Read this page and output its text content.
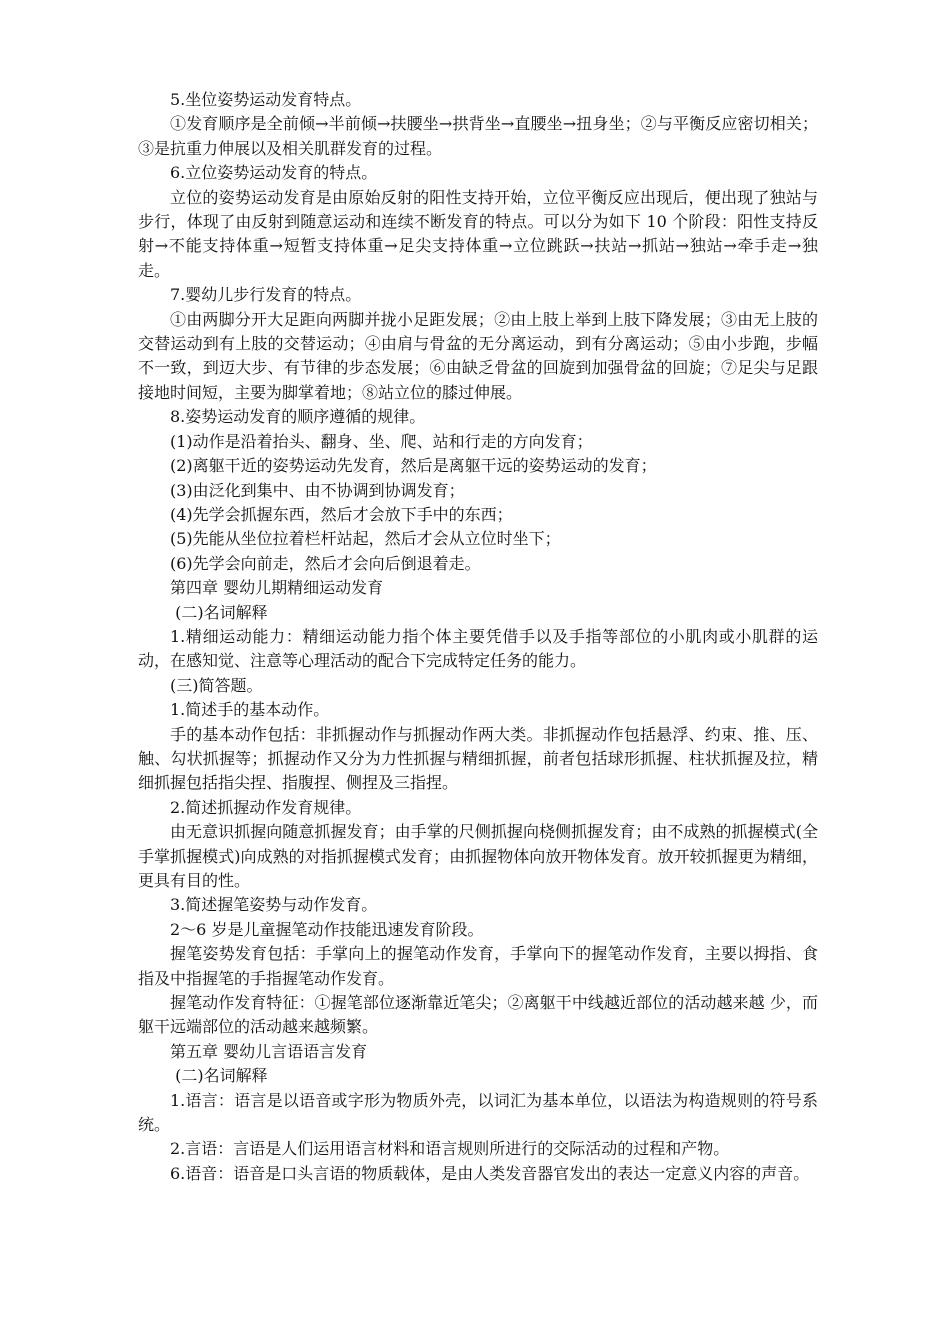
5.坐位姿势运动发育特点。

①发育顺序是全前倾→半前倾→扶腰坐→拱背坐→直腰坐→扭身坐；②与平衡反应密切相关；③是抗重力伸展以及相关肌群发育的过程。

6.立位姿势运动发育的特点。

立位的姿势运动发育是由原始反射的阳性支持开始，立位平衡反应出现后，便出现了独站与步行，体现了由反射到随意运动和连续不断发育的特点。可以分为如下 10 个阶段：阳性支持反射→不能支持体重→短暂支持体重→足尖支持体重→立位跳跃→扶站→抓站→独站→牵手走→独走。

7.婴幼儿步行发育的特点。

①由两脚分开大足距向两脚并拢小足距发展；②由上肢上举到上肢下降发展；③由无上肢的交替运动到有上肢的交替运动；④由肩与骨盆的无分离运动，到有分离运动；⑤由小步跑，步幅不一致，到迈大步、有节律的步态发展；⑥由缺乏骨盆的回旋到加强骨盆的回旋；⑦足尖与足跟接地时间短，主要为脚掌着地；⑧站立位的膝过伸展。

8.姿势运动发育的顺序遵循的规律。

(1)动作是沿着抬头、翻身、坐、爬、站和行走的方向发育；

(2)离躯干近的姿势运动先发育，然后是离躯干远的姿势运动的发育；

(3)由泛化到集中、由不协调到协调发育；

(4)先学会抓握东西，然后才会放下手中的东西；

(5)先能从坐位拉着栏杆站起，然后才会从立位时坐下；

(6)先学会向前走，然后才会向后倒退着走。

第四章 婴幼儿期精细运动发育

(二)名词解释

1.精细运动能力：精细运动能力指个体主要凭借手以及手指等部位的小肌肉或小肌群的运动，在感知觉、注意等心理活动的配合下完成特定任务的能力。

(三)简答题。

1.简述手的基本动作。

手的基本动作包括：非抓握动作与抓握动作两大类。非抓握动作包括悬浮、约束、推、压、触、勾状抓握等；抓握动作又分为力性抓握与精细抓握，前者包括球形抓握、柱状抓握及拉，精细抓握包括指尖捏、指腹捏、侧捏及三指捏。

2.简述抓握动作发育规律。

由无意识抓握向随意抓握发育；由手掌的尺侧抓握向桡侧抓握发育；由不成熟的抓握模式(全手掌抓握模式)向成熟的对指抓握模式发育；由抓握物体向放开物体发育。放开较抓握更为精细，更具有目的性。

3.简述握笔姿势与动作发育。

2～6 岁是儿童握笔动作技能迅速发育阶段。

握笔姿势发育包括：手掌向上的握笔动作发育，手掌向下的握笔动作发育，主要以拇指、食指及中指握笔的手指握笔动作发育。

握笔动作发育特征：①握笔部位逐渐靠近笔尖；②离躯干中线越近部位的活动越来越 少，而躯干远端部位的活动越来越频繁。

第五章 婴幼儿言语语言发育

(二)名词解释

1.语言：语言是以语音或字形为物质外壳，以词汇为基本单位，以语法为构造规则的符号系统。

2.言语：言语是人们运用语言材料和语言规则所进行的交际活动的过程和产物。

6.语音：语音是口头言语的物质载体，是由人类发音器官发出的表达一定意义内容的声音。
